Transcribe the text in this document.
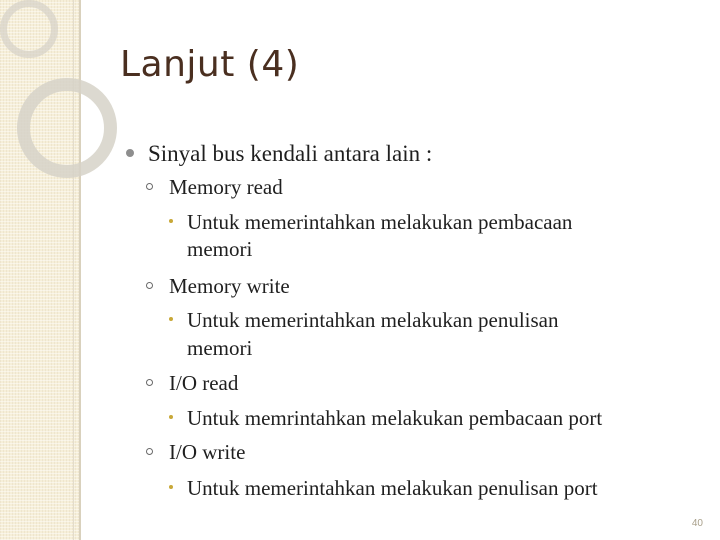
Lanjut (4)
Sinyal bus kendali antara lain :
Memory read
Untuk memerintahkan melakukan pembacaan
memori
Memory write
Untuk memerintahkan melakukan penulisan
memori
I/O read
Untuk memrintahkan melakukan pembacaan port
I/O write
Untuk memerintahkan melakukan penulisan port
40
